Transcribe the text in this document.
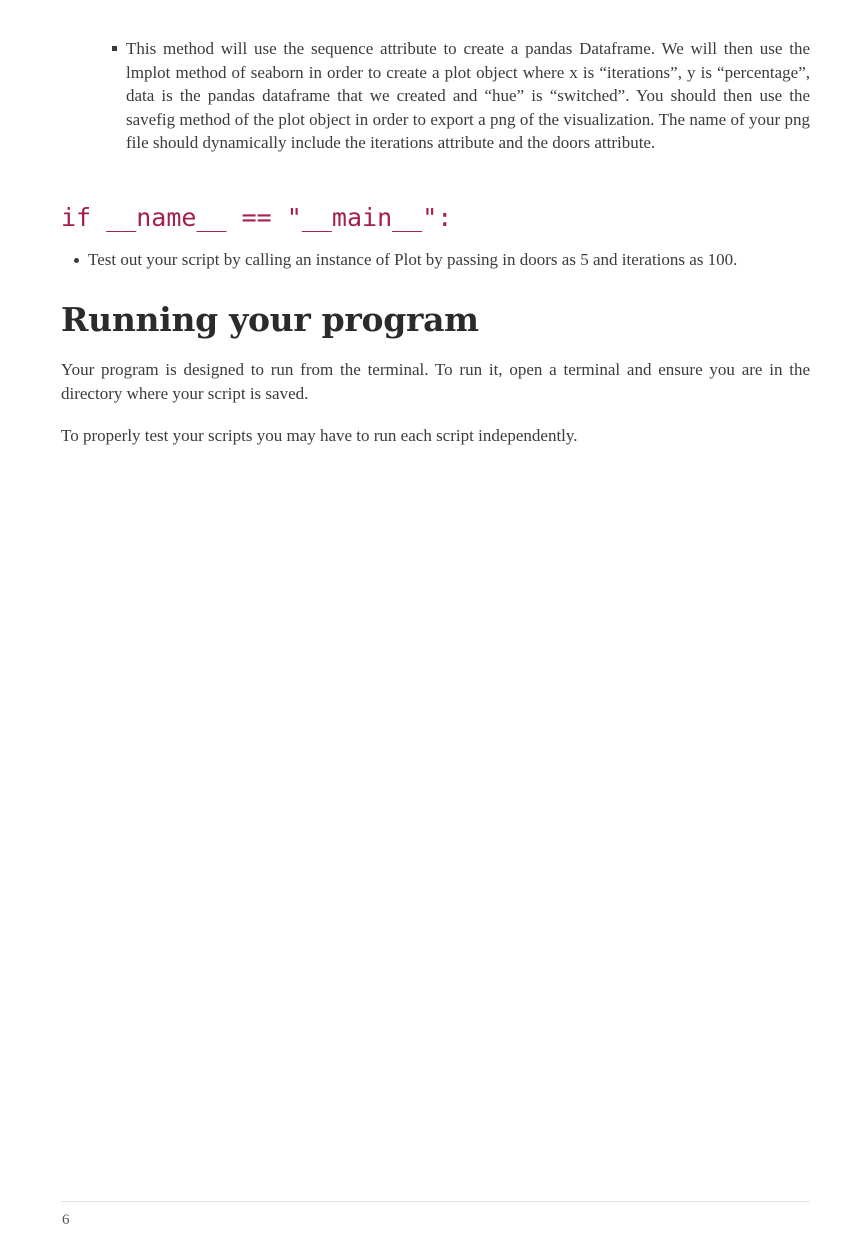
This method will use the sequence attribute to create a pandas Dataframe. We will then use the lmplot method of seaborn in order to create a plot object where x is “iterations”, y is “percentage”, data is the pandas dataframe that we created and “hue” is “switched”. You should then use the savefig method of the plot object in order to export a png of the visualization. The name of your png file should dynamically include the iterations attribute and the doors attribute.
if __name__ == "__main__":
Test out your script by calling an instance of Plot by passing in doors as 5 and iterations as 100.
Running your program

Your program is designed to run from the terminal. To run it, open a terminal and ensure you are in the directory where your script is saved.

To properly test your scripts you may have to run each script independently.

6
